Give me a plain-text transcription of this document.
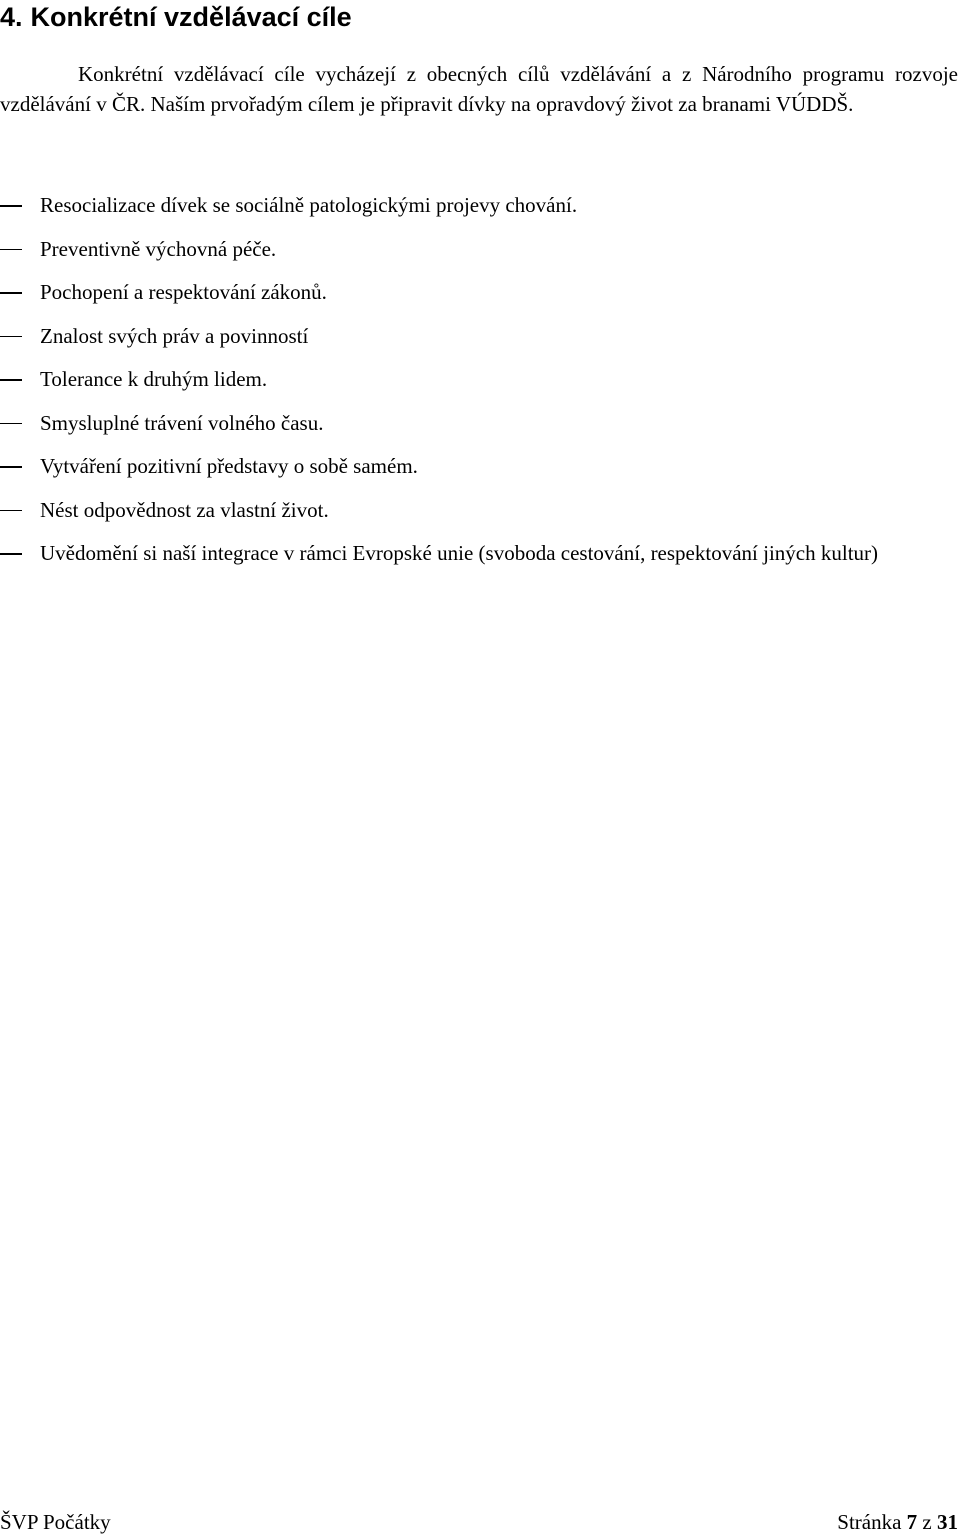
4. Konkrétní vzdělávací cíle

Konkrétní vzdělávací cíle vycházejí z obecných cílů vzdělávání a z Národního programu rozvoje vzdělávání v ČR. Naším prvořadým cílem je připravit dívky na opravdový život za branami VÚDDŠ.

Resocializace dívek se sociálně patologickými projevy chování.
Preventivně výchovná péče.
Pochopení a respektování zákonů.
Znalost svých práv a povinností
Tolerance k druhým lidem.
Smysluplné trávení volného času.
Vytváření pozitivní představy o sobě samém.
Nést odpovědnost za vlastní život.
Uvědomění si naší integrace v rámci Evropské unie (svoboda cestování, respektování jiných kultur)
ŠVP Počátky	Stránka 7 z 31
